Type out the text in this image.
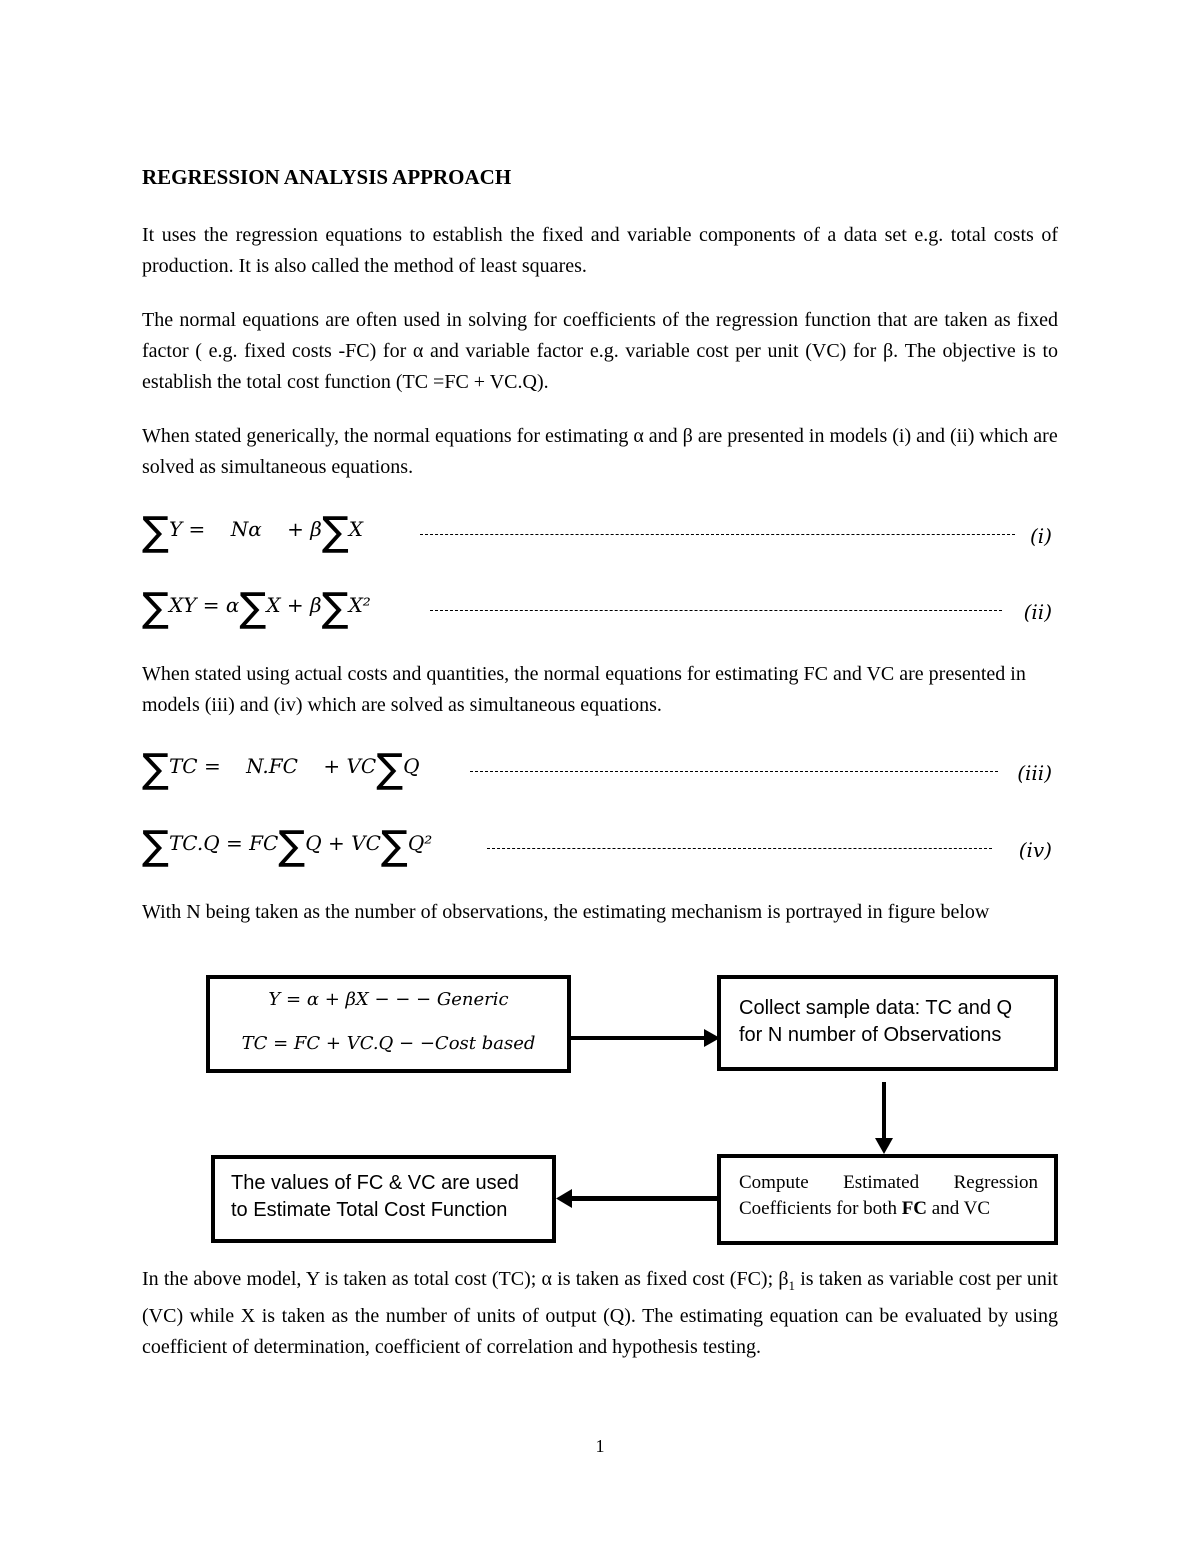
REGRESSION ANALYSIS APPROACH

It uses the regression equations to establish the fixed and variable components of a data set e.g. total costs of production. It is also called the method of least squares.

The normal equations are often used in solving for coefficients of the regression function that are taken as fixed factor ( e.g. fixed costs -FC) for α and variable factor e.g. variable cost per unit (VC) for β. The objective is to establish the total cost function (TC =FC + VC.Q).

When stated generically, the normal equations for estimating α and β are presented in models (i) and (ii) which are solved as simultaneous equations.

∑Y =    Nα    + β∑X	(i)
∑XY = α∑X + β∑X²	(ii)

When stated using actual costs and quantities, the normal equations for estimating FC and VC are presented in models (iii) and (iv) which are solved as simultaneous equations.

∑TC =    N.FC    + VC∑Q	(iii)
∑TC.Q = FC∑Q + VC∑Q²	(iv)

With N being taken as the number of observations, the estimating mechanism is portrayed in figure below

Y = α + βX − − − Generic
TC = FC + VC.Q − −Cost based
Collect sample data: TC and Q
for N number of Observations
Compute Estimated Regression
Coefficients for both FC and VC
The values of FC & VC are used
to Estimate Total Cost Function

In the above model, Y is taken as total cost (TC); α is taken as fixed cost (FC); $\beta_1$ is taken as variable cost per unit (VC) while X is taken as the number of units of output (Q). The estimating equation can be evaluated by using coefficient of determination, coefficient of correlation and hypothesis testing.

1
